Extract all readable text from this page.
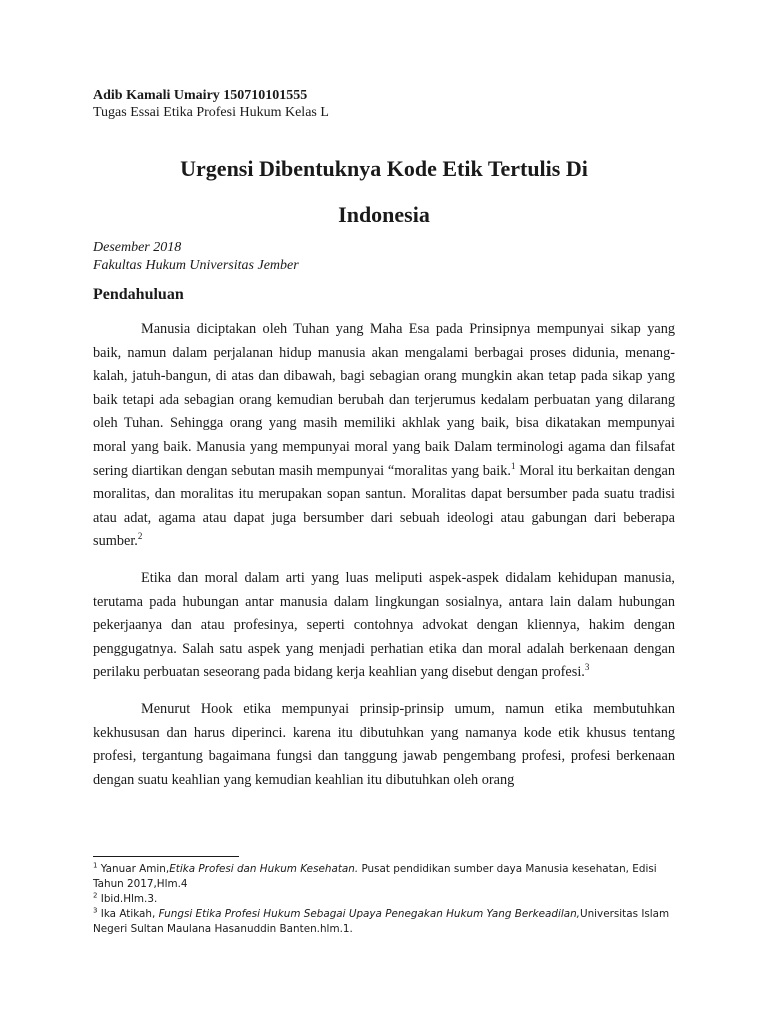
Adib Kamali Umairy 150710101555
Tugas Essai Etika Profesi Hukum Kelas L
Urgensi Dibentuknya Kode Etik Tertulis Di
Indonesia
Desember 2018
Fakultas Hukum Universitas Jember
Pendahuluan

Manusia diciptakan oleh Tuhan yang Maha Esa pada Prinsipnya mempunyai sikap yang baik, namun dalam perjalanan hidup manusia akan mengalami berbagai proses didunia, menang-kalah, jatuh-bangun, di atas dan dibawah, bagi sebagian orang mungkin akan tetap pada sikap yang baik tetapi ada sebagian orang kemudian berubah dan terjerumus kedalam perbuatan yang dilarang oleh Tuhan. Sehingga orang yang masih memiliki akhlak yang baik, bisa dikatakan mempunyai moral yang baik. Manusia yang mempunyai moral yang baik Dalam terminologi agama dan filsafat sering diartikan dengan sebutan masih mempunyai “moralitas yang baik.$^1$ Moral itu berkaitan dengan moralitas, dan moralitas itu merupakan sopan santun. Moralitas dapat bersumber pada suatu tradisi atau adat, agama atau dapat juga bersumber dari sebuah ideologi atau gabungan dari beberapa sumber.$^2$

Etika dan moral dalam arti yang luas meliputi aspek-aspek didalam kehidupan manusia, terutama pada hubungan antar manusia dalam lingkungan sosialnya, antara lain dalam hubungan pekerjaanya dan atau profesinya, seperti contohnya advokat dengan kliennya, hakim dengan penggugatnya. Salah satu aspek yang menjadi perhatian etika dan moral adalah berkenaan dengan perilaku perbuatan seseorang pada bidang kerja keahlian yang disebut dengan profesi.$^3$

Menurut Hook etika mempunyai prinsip-prinsip umum, namun etika membutuhkan kekhususan dan harus diperinci. karena itu dibutuhkan yang namanya kode etik khusus tentang profesi, tergantung bagaimana fungsi dan tanggung jawab pengembang profesi, profesi berkenaan dengan suatu keahlian yang kemudian keahlian itu dibutuhkan oleh orang

$^1$ Yanuar Amin,Etika Profesi dan Hukum Kesehatan. Pusat pendidikan sumber daya Manusia kesehatan, Edisi Tahun 2017,Hlm.4

$^2$ Ibid.Hlm.3.

$^3$ Ika Atikah, Fungsi Etika Profesi Hukum Sebagai Upaya Penegakan Hukum Yang Berkeadilan,Universitas Islam Negeri Sultan Maulana Hasanuddin Banten.hlm.1.
